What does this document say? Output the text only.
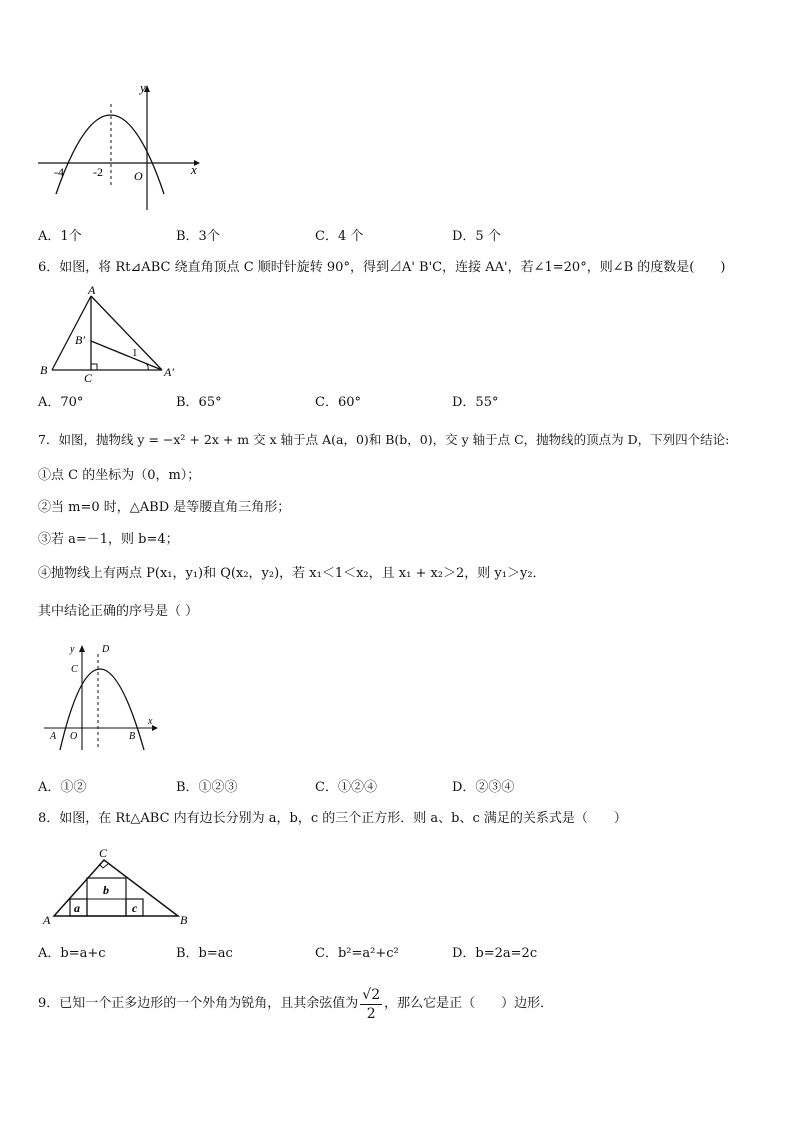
y
x
O
-4 -2
A．1个	B．3个	C．4 个	D．5 个
6．如图，将 Rt⊿ABC 绕直角顶点 C 顺时针旋转 90°，得到⊿A' B'C，连接 AA'，若∠1=20°，则∠B 的度数是(　　)
A
B
C
B′
A′
1
A．70°	B．65°	C．60°	D．55°
7．如图，抛物线 y = −x² + 2x + m 交 x 轴于点 A(a，0)和 B(b，0)，交 y 轴于点 C，抛物线的顶点为 D，下列四个结论:
①点 C 的坐标为（0，m）；
②当 m=0 时，△ABD 是等腰直角三角形；
③若 a=－1，则 b=4；
④抛物线上有两点 P(x₁，y₁)和 Q(x₂，y₂)，若 x₁＜1＜x₂，且 x₁ + x₂＞2，则 y₁＞y₂．
其中结论正确的序号是（ ）
y
x
D
C
A O	B
A．①②	B．①②③	C．①②④	D．②③④
8．如图，在 Rt△ABC 内有边长分别为 a，b，c 的三个正方形．则 a、b、c 满足的关系式是（　　）
A	B
C
a
b
c
A．b=a+c	B．b=ac	C．b²=a²+c²	D．b=2a=2c
9．已知一个正多边形的一个外角为锐角，且其余弦值为 $\frac{√2}{2}$ ，那么它是正（　　）边形．
